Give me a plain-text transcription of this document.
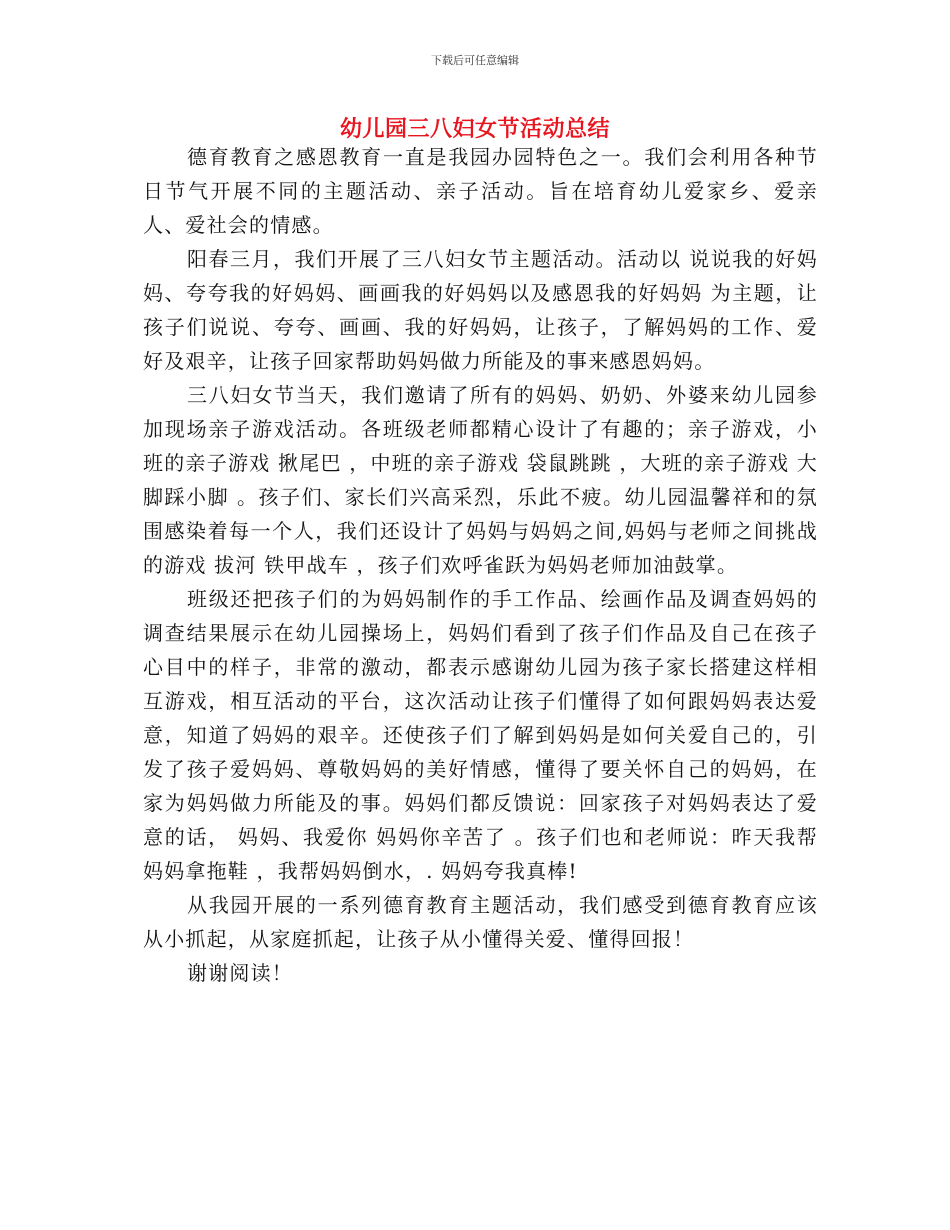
下载后可任意编辑
幼儿园三八妇女节活动总结

德育教育之感恩教育一直是我园办园特色之一。我们会利用各种节日节气开展不同的主题活动、亲子活动。旨在培育幼儿爱家乡、爱亲人、爱社会的情感。

阳春三月，我们开展了三八妇女节主题活动。活动以 说说我的好妈妈、夸夸我的好妈妈、画画我的好妈妈以及感恩我的好妈妈 为主题，让孩子们说说、夸夸、画画、我的好妈妈，让孩子，了解妈妈的工作、爱好及艰辛，让孩子回家帮助妈妈做力所能及的事来感恩妈妈。

三八妇女节当天，我们邀请了所有的妈妈、奶奶、外婆来幼儿园参加现场亲子游戏活动。各班级老师都精心设计了有趣的；亲子游戏，小班的亲子游戏 揪尾巴 ，中班的亲子游戏 袋鼠跳跳 ，大班的亲子游戏 大脚踩小脚 。孩子们、家长们兴高采烈，乐此不疲。幼儿园温馨祥和的氛围感染着每一个人，我们还设计了妈妈与妈妈之间,妈妈与老师之间挑战的游戏 拔河 铁甲战车 ，孩子们欢呼雀跃为妈妈老师加油鼓掌。

班级还把孩子们的为妈妈制作的手工作品、绘画作品及调查妈妈的调查结果展示在幼儿园操场上，妈妈们看到了孩子们作品及自己在孩子心目中的样子，非常的激动，都表示感谢幼儿园为孩子家长搭建这样相互游戏，相互活动的平台，这次活动让孩子们懂得了如何跟妈妈表达爱意，知道了妈妈的艰辛。还使孩子们了解到妈妈是如何关爱自己的，引发了孩子爱妈妈、尊敬妈妈的美好情感，懂得了要关怀自己的妈妈，在家为妈妈做力所能及的事。妈妈们都反馈说：回家孩子对妈妈表达了爱意的话， 妈妈、我爱你 妈妈你辛苦了 。孩子们也和老师说：昨天我帮妈妈拿拖鞋 ，我帮妈妈倒水，. 妈妈夸我真棒!

从我园开展的一系列德育教育主题活动，我们感受到德育教育应该从小抓起，从家庭抓起，让孩子从小懂得关爱、懂得回报！

谢谢阅读！
